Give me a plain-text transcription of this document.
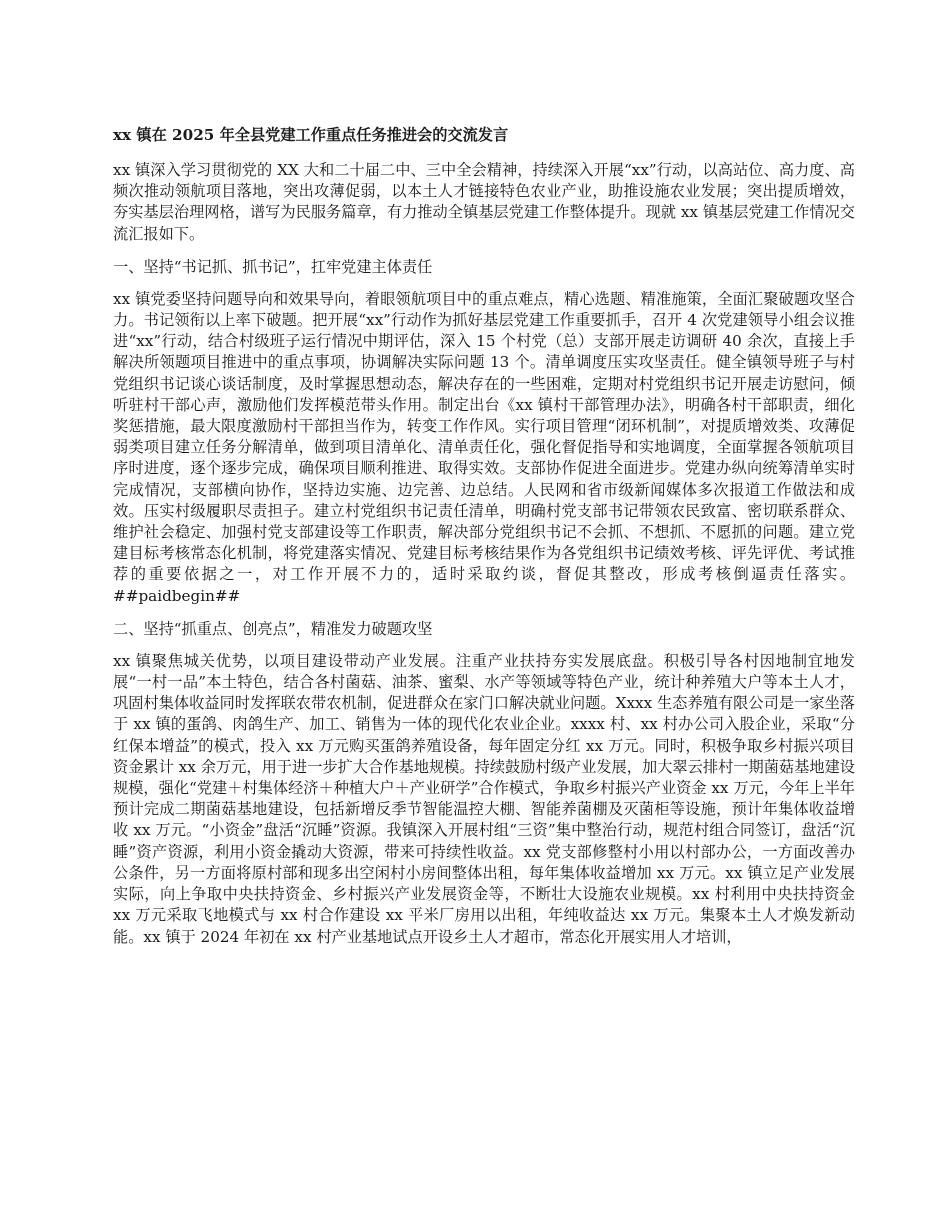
xx 镇在 2025 年全县党建工作重点任务推进会的交流发言
xx 镇深入学习贯彻党的 XX 大和二十届二中、三中全会精神，持续深入开展“xx”行动，以高站位、高力度、高频次推动领航项目落地，突出攻薄促弱，以本土人才链接特色农业产业，助推设施农业发展；突出提质增效，夯实基层治理网格，谱写为民服务篇章，有力推动全镇基层党建工作整体提升。现就 xx 镇基层党建工作情况交流汇报如下。
一、坚持“书记抓、抓书记”，扛牢党建主体责任
xx 镇党委坚持问题导向和效果导向，着眼领航项目中的重点难点，精心选题、精准施策，全面汇聚破题攻坚合力。书记领衔以上率下破题。把开展“xx”行动作为抓好基层党建工作重要抓手，召开 4 次党建领导小组会议推进“xx”行动，结合村级班子运行情况中期评估，深入 15 个村党（总）支部开展走访调研 40 余次，直接上手解决所领题项目推进中的重点事项，协调解决实际问题 13 个。清单调度压实攻坚责任。健全镇领导班子与村党组织书记谈心谈话制度，及时掌握思想动态，解决存在的一些困难，定期对村党组织书记开展走访慰问，倾听驻村干部心声，激励他们发挥模范带头作用。制定出台《xx 镇村干部管理办法》，明确各村干部职责，细化奖惩措施，最大限度激励村干部担当作为，转变工作作风。实行项目管理“闭环机制”，对提质增效类、攻薄促弱类项目建立任务分解清单，做到项目清单化、清单责任化，强化督促指导和实地调度，全面掌握各领航项目序时进度，逐个逐步完成，确保项目顺利推进、取得实效。支部协作促进全面进步。党建办纵向统筹清单实时完成情况，支部横向协作，坚持边实施、边完善、边总结。人民网和省市级新闻媒体多次报道工作做法和成效。压实村级履职尽责担子。建立村党组织书记责任清单，明确村党支部书记带领农民致富、密切联系群众、维护社会稳定、加强村党支部建设等工作职责，解决部分党组织书记不会抓、不想抓、不愿抓的问题。建立党建目标考核常态化机制，将党建落实情况、党建目标考核结果作为各党组织书记绩效考核、评先评优、考试推荐的重要依据之一，对工作开展不力的，适时采取约谈，督促其整改，形成考核倒逼责任落实。##paidbegin##
二、坚持“抓重点、创亮点”，精准发力破题攻坚
xx 镇聚焦城关优势，以项目建设带动产业发展。注重产业扶持夯实发展底盘。积极引导各村因地制宜地发展“一村一品”本土特色，结合各村菌菇、油茶、蜜梨、水产等领域等特色产业，统计种养殖大户等本土人才，巩固村集体收益同时发挥联农带农机制，促进群众在家门口解决就业问题。Xxxx 生态养殖有限公司是一家坐落于 xx 镇的蛋鸽、肉鸽生产、加工、销售为一体的现代化农业企业。xxxx 村、xx 村办公司入股企业，采取“分红保本增益”的模式，投入 xx 万元购买蛋鸽养殖设备，每年固定分红 xx 万元。同时，积极争取乡村振兴项目资金累计 xx 余万元，用于进一步扩大合作基地规模。持续鼓励村级产业发展，加大翠云排村一期菌菇基地建设规模，强化“党建＋村集体经济＋种植大户＋产业研学”合作模式，争取乡村振兴产业资金 xx 万元，今年上半年预计完成二期菌菇基地建设，包括新增反季节智能温控大棚、智能养菌棚及灭菌柜等设施，预计年集体收益增收 xx 万元。“小资金”盘活“沉睡”资源。我镇深入开展村组“三资”集中整治行动，规范村组合同签订，盘活“沉睡”资产资源，利用小资金撬动大资源，带来可持续性收益。xx 党支部修整村小用以村部办公，一方面改善办公条件，另一方面将原村部和现多出空闲村小房间整体出租，每年集体收益增加 xx 万元。xx 镇立足产业发展实际，向上争取中央扶持资金、乡村振兴产业发展资金等，不断壮大设施农业规模。xx 村利用中央扶持资金 xx 万元采取飞地模式与 xx 村合作建设 xx 平米厂房用以出租，年纯收益达 xx 万元。集聚本土人才焕发新动能。xx 镇于 2024 年初在 xx 村产业基地试点开设乡土人才超市，常态化开展实用人才培训，
